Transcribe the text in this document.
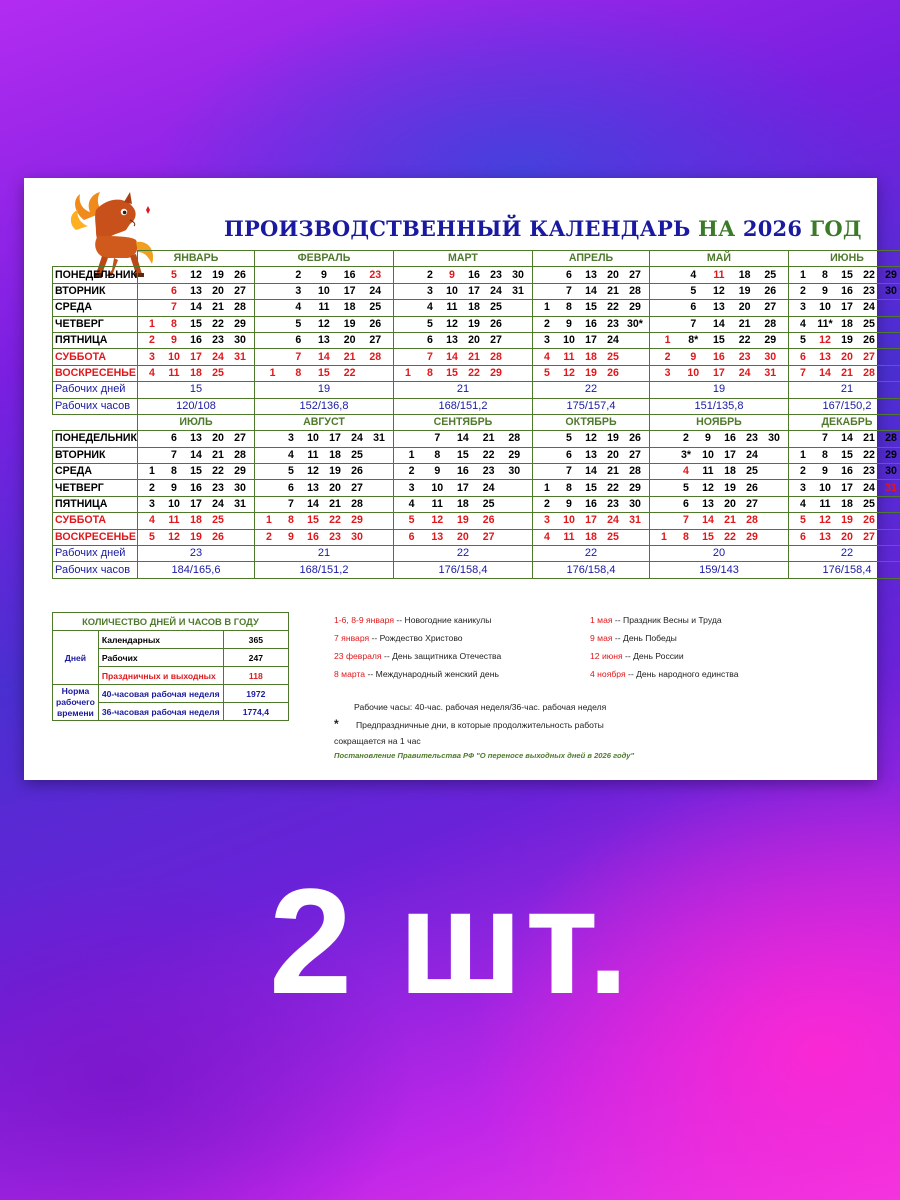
ПРОИЗВОДСТВЕННЫЙ КАЛЕНДАРЬ НА 2026 ГОД
	ЯНВАРЬ	ФЕВРАЛЬ	МАРТ	АПРЕЛЬ	МАЙ	ИЮНЬ
ПОНЕДЕЛЬНИК	5 12 19 26	2 9 16 23	2 9 16 23 30	6 13 20 27	4 11 18 25	1 8 15 22 29

ВТОРНИК	6 13 20 27	3 10 17 24	3 10 17 24 31	7 14 21 28	5 12 19 26	2 9 16 23 30

СРЕДА	7 14 21 28	4 11 18 25	4 11 18 25	1 8 15 22 29	6 13 20 27	3 10 17 24

ЧЕТВЕРГ	1 8 15 22 29	5 12 19 26	5 12 19 26	2 9 16 23 30*	7 14 21 28	4 11* 18 25

ПЯТНИЦА	2 9 16 23 30	6 13 20 27	6 13 20 27	3 10 17 24	1 8* 15 22 29	5 12 19 26

СУББОТА	3 10 17 24 31	7 14 21 28	7 14 21 28	4 11 18 25	2 9 16 23 30	6 13 20 27

ВОСКРЕСЕНЬЕ	4 11 18 25	1 8 15 22	1 8 15 22 29	5 12 19 26	3 10 17 24 31	7 14 21 28

Рабочих дней	15	19	21	22	19	21
Рабочих часов	120/108	152/136,8	168/151,2	175/157,4	151/135,8	167/150,2
	ИЮЛЬ	АВГУСТ	СЕНТЯБРЬ	ОКТЯБРЬ	НОЯБРЬ	ДЕКАБРЬ
ПОНЕДЕЛЬНИК	6 13 20 27	3 10 17 24 31	7 14 21 28	5 12 19 26	2 9 16 23 30	7 14 21 28

ВТОРНИК	7 14 21 28	4 11 18 25	1 8 15 22 29	6 13 20 27	3* 10 17 24	1 8 15 22 29

СРЕДА	1 8 15 22 29	5 12 19 26	2 9 16 23 30	7 14 21 28	4 11 18 25	2 9 16 23 30

ЧЕТВЕРГ	2 9 16 23 30	6 13 20 27	3 10 17 24	1 8 15 22 29	5 12 19 26	3 10 17 24 31

ПЯТНИЦА	3 10 17 24 31	7 14 21 28	4 11 18 25	2 9 16 23 30	6 13 20 27	4 11 18 25

СУББОТА	4 11 18 25	1 8 15 22 29	5 12 19 26	3 10 17 24 31	7 14 21 28	5 12 19 26

ВОСКРЕСЕНЬЕ	5 12 19 26	2 9 16 23 30	6 13 20 27	4 11 18 25	1 8 15 22 29	6 13 20 27

Рабочих дней	23	21	22	22	20	22
Рабочих часов	184/165,6	168/151,2	176/158,4	176/158,4	159/143	176/158,4
КОЛИЧЕСТВО ДНЕЙ И ЧАСОВ В ГОДУ		
Дней	Календарных	365
	Рабочих	247
	Праздничных и выходных	118
Норма рабочего времени	40-часовая рабочая неделя	1972
	36-часовая рабочая неделя	1774,4
1-6, 8-9 января -- Новогодние каникулы
7 января -- Рождество Христово
23 февраля -- День защитника Отечества
8 марта -- Международный женский день
1 мая -- Праздник Весны и Труда
9 мая -- День Победы
12 июня -- День России
4 ноября -- День народного единства
Рабочие часы: 40-час. рабочая неделя/36-час. рабочая неделя
* Предпраздничные дни, в которые продолжительность работы
сокращается на 1 час
Постановление Правительства РФ "О переносе выходных дней в 2026 году"
2 шт.
